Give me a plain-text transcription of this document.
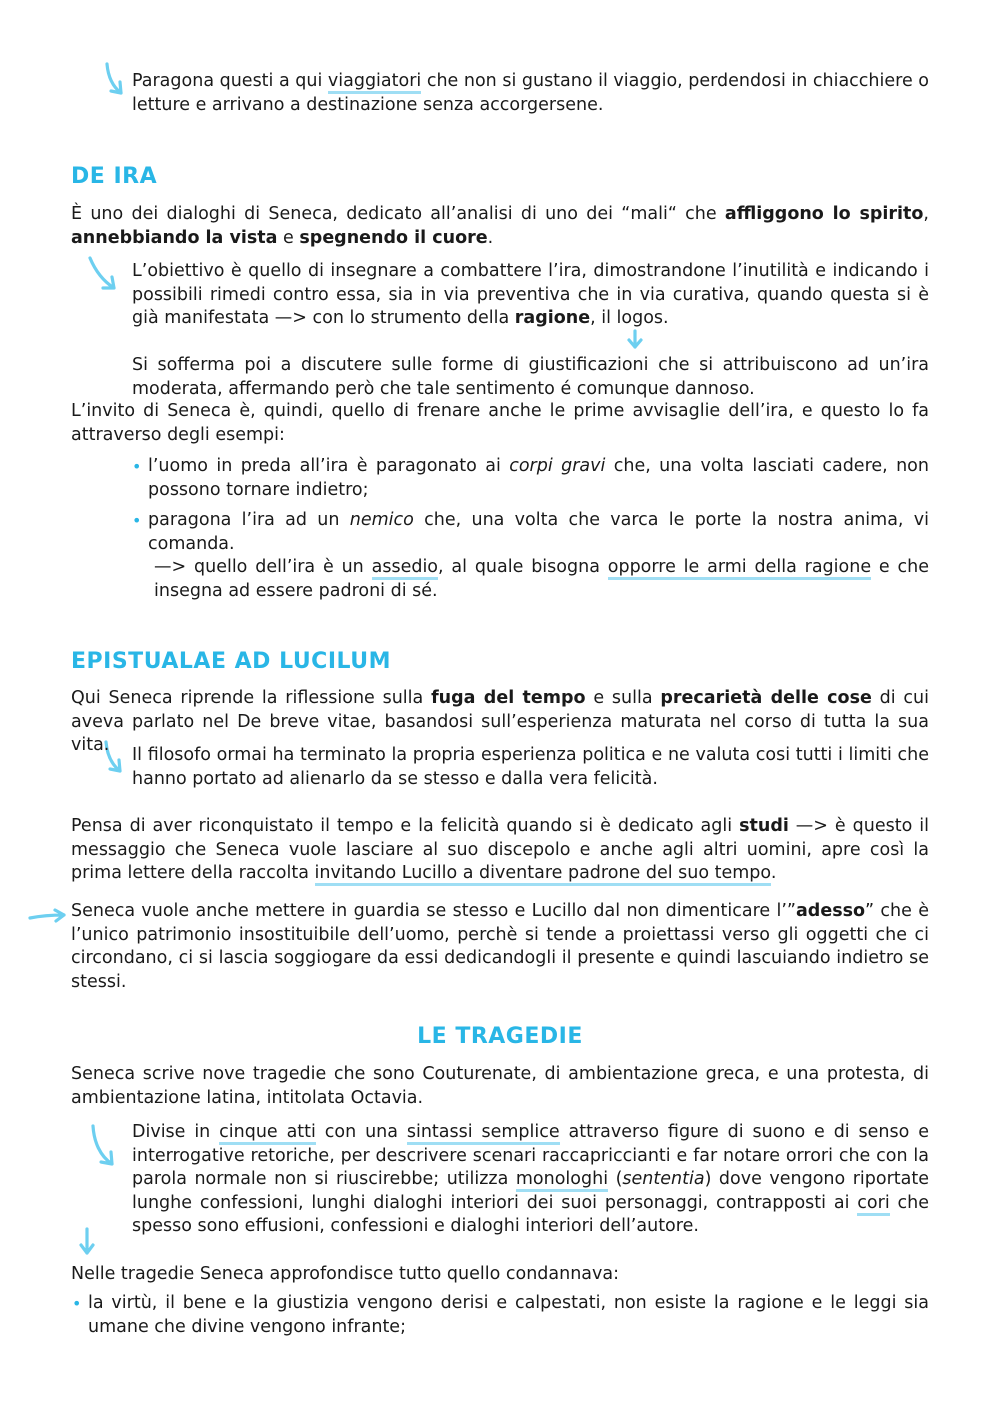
Paragona questi a qui viaggiatori che non si gustano il viaggio, perdendosi in chiacchiere o letture e arrivano a destinazione senza accorgersene.

DE IRA

È uno dei dialoghi di Seneca, dedicato all’analisi di uno dei “mali“ che affliggono lo spirito, annebbiando la vista e spegnendo il cuore.

L’obiettivo è quello di insegnare a combattere l’ira, dimostrandone l’inutilità e indicando i possibili rimedi contro essa, sia in via preventiva che in via curativa, quando questa si è già manifestata —> con lo strumento della ragione, il logos.

Si sofferma poi a discutere sulle forme di giustificazioni che si attribuiscono ad un’ira moderata, affermando però che tale sentimento é comunque dannoso.

L’invito di Seneca è, quindi, quello di frenare anche le prime avvisaglie dell’ira, e questo lo fa attraverso degli esempi:

• l’uomo in preda all’ira è paragonato ai corpi gravi che, una volta lasciati cadere, non possono tornare indietro;
• paragona l’ira ad un nemico che, una volta che varca le porte la nostra anima, vi comanda.

—> quello dell’ira è un assedio, al quale bisogna opporre le armi della ragione e che insegna ad essere padroni di sé.

EPISTUALAE AD LUCILUM

Qui Seneca riprende la riflessione sulla fuga del tempo e sulla precarietà delle cose di cui aveva parlato nel De breve vitae, basandosi sull’esperienza maturata nel corso di tutta la sua vita.	Il filosofo ormai ha terminato la propria esperienza politica e ne valuta cosi tutti i limiti che hanno portato ad alienarlo da se stesso e dalla vera felicità.

Pensa di aver riconquistato il tempo e la felicità quando si è dedicato agli studi —> è questo il messaggio che Seneca vuole lasciare al suo discepolo e anche agli altri uomini, apre così la prima lettere della raccolta invitando Lucillo a diventare padrone del suo tempo.

Seneca vuole anche mettere in guardia se stesso e Lucillo dal non dimenticare l’”adesso” che è l’unico patrimonio insostituibile dell’uomo, perchè si tende a proiettassi verso gli oggetti che ci circondano, ci si lascia soggiogare da essi dedicandogli il presente e quindi lascuiando indietro se stessi.

LE TRAGEDIE

Seneca scrive nove tragedie che sono Couturenate, di ambientazione greca, e una protesta, di ambientazione latina, intitolata Octavia.

Divise in cinque atti con una sintassi semplice attraverso figure di suono e di senso e interrogative retoriche, per descrivere scenari raccapriccianti e far notare orrori che con la parola normale non si riuscirebbe; utilizza monologhi (sententia) dove vengono riportate lunghe confessioni, lunghi dialoghi interiori dei suoi personaggi, contrapposti ai cori che spesso sono effusioni, confessioni e dialoghi interiori dell’autore.

Nelle tragedie Seneca approfondisce tutto quello condannava:

• la virtù, il bene e la giustizia vengono derisi e calpestati, non esiste la ragione e le leggi sia umane che divine vengono infrante;
